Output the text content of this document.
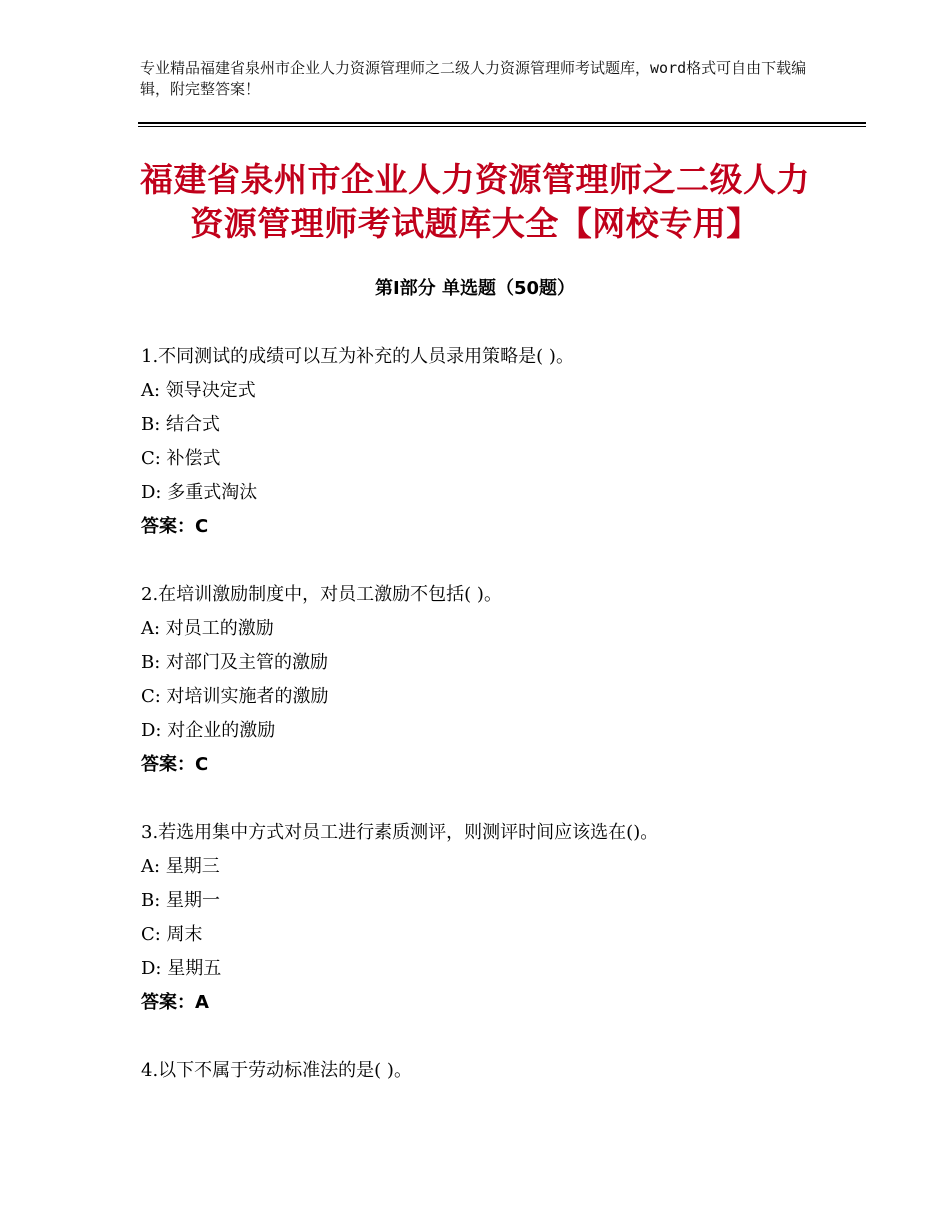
专业精品福建省泉州市企业人力资源管理师之二级人力资源管理师考试题库，word格式可自由下载编辑，附完整答案！
福建省泉州市企业人力资源管理师之二级人力资源管理师考试题库大全【网校专用】
第Ⅰ部分 单选题（50题）
1.不同测试的成绩可以互为补充的人员录用策略是( )。
A: 领导决定式
B: 结合式
C: 补偿式
D: 多重式淘汰
答案：C
2.在培训激励制度中，对员工激励不包括( )。
A: 对员工的激励
B: 对部门及主管的激励
C: 对培训实施者的激励
D: 对企业的激励
答案：C
3.若选用集中方式对员工进行素质测评，则测评时间应该选在()。
A: 星期三
B: 星期一
C: 周末
D: 星期五
答案：A
4.以下不属于劳动标准法的是( )。
